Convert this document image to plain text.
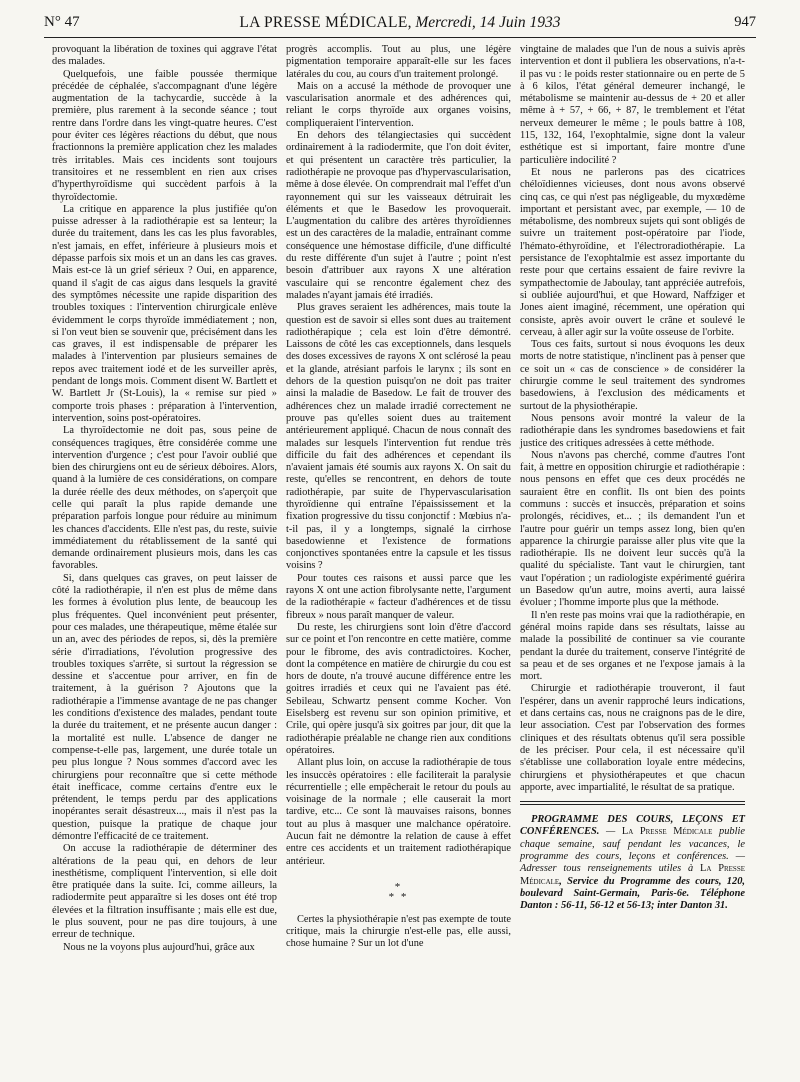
N° 47	LA PRESSE MÉDICALE, Mercredi, 14 Juin 1933	947

provoquant la libération de toxines qui aggrave l'état des malades.

Quelquefois, une faible poussée thermique précédée de céphalée, s'accompagnant d'une légère augmentation de la tachycardie, succède à la première, plus rarement à la seconde séance ; tout rentre dans l'ordre dans les vingt-quatre heures. C'est pour éviter ces légères réactions du début, que nous fractionnons la première application chez les malades très irritables. Mais ces incidents sont toujours transitoires et ne ressemblent en rien aux crises d'hyperthyroïdisme qui succèdent parfois à la thyroïdectomie.

La critique en apparence la plus justifiée qu'on puisse adresser à la radiothérapie est sa lenteur; la durée du traitement, dans les cas les plus favorables, n'est jamais, en effet, inférieure à plusieurs mois et dépasse parfois six mois et un an dans les cas graves. Mais est-ce là un grief sérieux ? Oui, en apparence, quand il s'agit de cas aigus dans lesquels la gravité des symptômes nécessite une rapide disparition des troubles toxiques : l'intervention chirurgicale enlève évidemment le corps thyroïde immédiatement ; non, si l'on veut bien se souvenir que, précisément dans les cas graves, il est indispensable de préparer les malades à l'intervention par plusieurs semaines de repos avec traitement iodé et de les surveiller après, pendant de longs mois. Comment disent W. Bartlett et W. Bartlett Jr (St-Louis), la « remise sur pied » comporte trois phases : préparation à l'intervention, intervention, soins post-opératoires.

La thyroïdectomie ne doit pas, sous peine de conséquences tragiques, être considérée comme une intervention d'urgence ; c'est pour l'avoir oublié que bien des chirurgiens ont eu de sérieux déboires. Alors, quand à la lumière de ces considérations, on compare la durée réelle des deux méthodes, on s'aperçoit que celle qui paraît la plus rapide demande une préparation parfois longue pour réduire au minimum les chances d'accidents. Elle n'est pas, du reste, suivie immédiatement du rétablissement de la santé qui demande ordinairement plusieurs mois, dans les cas favorables.

Si, dans quelques cas graves, on peut laisser de côté la radiothérapie, il n'en est plus de même dans les formes à évolution plus lente, de beaucoup les plus fréquentes. Quel inconvénient peut présenter, pour ces malades, une thérapeutique, même étalée sur un an, avec des périodes de repos, si, dès la première série d'irradiations, l'évolution progressive des troubles toxiques s'arrête, si surtout la régression se dessine et s'accentue pour arriver, en fin de traitement, à la guérison ? Ajoutons que la radiothérapie a l'immense avantage de ne pas changer les conditions d'existence des malades, pendant toute la durée du traitement, et ne présente aucun danger : la mortalité est nulle. L'absence de danger ne compense-t-elle pas, largement, une durée totale un peu plus longue ? Nous sommes d'accord avec les chirurgiens pour reconnaître que si cette méthode était inefficace, comme certains d'entre eux le prétendent, le temps perdu par des applications inopérantes serait désastreux..., mais il n'est pas la question, puisque la pratique de chaque jour démontre l'efficacité de ce traitement.

On accuse la radiothérapie de déterminer des altérations de la peau qui, en dehors de leur inesthétisme, compliquent l'intervention, si elle doit être pratiquée dans la suite. Ici, comme ailleurs, la radiodermite peut apparaître si les doses ont été trop élevées et la filtration insuffisante ; mais elle est due, le plus souvent, pour ne pas dire toujours, à une erreur de technique.

Nous ne la voyons plus aujourd'hui, grâce aux

progrès accomplis. Tout au plus, une légère pigmentation temporaire apparaît-elle sur les faces latérales du cou, au cours d'un traitement prolongé.

Mais on a accusé la méthode de provoquer une vascularisation anormale et des adhérences qui, reliant le corps thyroïde aux organes voisins, compliqueraient l'intervention.

En dehors des télangiectasies qui succèdent ordinairement à la radiodermite, que l'on doit éviter, et qui présentent un caractère très particulier, la radiothérapie ne provoque pas d'hypervascularisation, même à dose élevée. On comprendrait mal l'effet d'un rayonnement qui sur les vaisseaux détruirait les éléments et que le Basedow les provoquerait. L'augmentation du calibre des artères thyroïdiennes est un des caractères de la maladie, entraînant comme conséquence une hémostase difficile, d'une difficulté du reste différente d'un sujet à l'autre ; point n'est besoin d'attribuer aux rayons X une altération vasculaire qui se rencontre également chez des malades n'ayant jamais été irradiés.

Plus graves seraient les adhérences, mais toute la question est de savoir si elles sont dues au traitement radiothérapique ; cela est loin d'être démontré. Laissons de côté les cas exceptionnels, dans lesquels des doses excessives de rayons X ont sclérosé la peau et la glande, atrésiant parfois le larynx ; ils sont en dehors de la question puisqu'on ne doit pas traiter ainsi la maladie de Basedow. Le fait de trouver des adhérences chez un malade irradié correctement ne prouve pas qu'elles soient dues au traitement antérieurement appliqué. Chacun de nous connaît des malades sur lesquels l'intervention fut rendue très difficile du fait des adhérences et cependant ils n'avaient jamais été soumis aux rayons X. On sait du reste, qu'elles se rencontrent, en dehors de toute radiothérapie, par suite de l'hypervascularisation thyroïdienne qui entraîne l'épaississement et la fixation progressive du tissu conjonctif : Mœbius n'a-t-il pas, il y a longtemps, signalé la cirrhose basedowienne et l'existence de formations conjonctives spontanées entre la capsule et les tissus voisins ?

Pour toutes ces raisons et aussi parce que les rayons X ont une action fibrolysante nette, l'argument de la radiothérapie « facteur d'adhérences et de tissu fibreux » nous paraît manquer de valeur.

Du reste, les chirurgiens sont loin d'être d'accord sur ce point et l'on rencontre en cette matière, comme pour le fibrome, des avis contradictoires. Kocher, dont la compétence en matière de chirurgie du cou est hors de doute, n'a trouvé aucune différence entre les goitres irradiés et ceux qui ne l'avaient pas été. Sebileau, Schwartz pensent comme Kocher. Von Eiselsberg est revenu sur son opinion primitive, et Crile, qui opère jusqu'à six goitres par jour, dit que la radiothérapie préalable ne change rien aux conditions opératoires.

Allant plus loin, on accuse la radiothérapie de tous les insuccès opératoires : elle faciliterait la paralysie récurrentielle ; elle empêcherait le retour du pouls au voisinage de la normale ; elle causerait la mort tardive, etc... Ce sont là mauvaises raisons, bonnes tout au plus à masquer une malchance opératoire. Aucun fait ne démontre la relation de cause à effet entre ces accidents et un traitement radiothérapique antérieur.

*
* *

Certes la physiothérapie n'est pas exempte de toute critique, mais la chirurgie n'est-elle pas, elle aussi, chose humaine ? Sur un lot d'une

vingtaine de malades que l'un de nous a suivis après intervention et dont il publiera les observations, n'a-t-il pas vu : le poids rester stationnaire ou en perte de 5 à 6 kilos, l'état général demeurer inchangé, le métabolisme se maintenir au-dessus de + 20 et aller même à + 57, + 66, + 87, le tremblement et l'état nerveux demeurer le même ; le pouls battre à 108, 115, 132, 164, l'exophtalmie, signe dont la valeur esthétique est si important, faire montre d'une particulière indocilité ?

Et nous ne parlerons pas des cicatrices chéloïdiennes vicieuses, dont nous avons observé cinq cas, ce qui n'est pas négligeable, du myxœdème important et persistant avec, par exemple, — 10 de métabolisme, des nombreux sujets qui sont obligés de suivre un traitement post-opératoire par l'iode, l'hémato-éthyroïdine, et l'électroradiothérapie. La persistance de l'exophtalmie est assez importante du reste pour que certains essaient de faire revivre la sympathectomie de Jaboulay, tant appréciée autrefois, si oubliée aujourd'hui, et que Howard, Naffziger et Jones aient imaginé, récemment, une opération qui consiste, après avoir ouvert le crâne et soulevé le cerveau, à aller agir sur la voûte osseuse de l'orbite.

Tous ces faits, surtout si nous évoquons les deux morts de notre statistique, n'inclinent pas à penser que ce soit un « cas de conscience » de considérer la chirurgie comme le seul traitement des syndromes basedowiens, à l'exclusion des médicaments et surtout de la physiothérapie.

Nous pensons avoir montré la valeur de la radiothérapie dans les syndromes basedowiens et fait justice des critiques adressées à cette méthode.

Nous n'avons pas cherché, comme d'autres l'ont fait, à mettre en opposition chirurgie et radiothérapie : nous pensons en effet que ces deux procédés ne sauraient être en conflit. Ils ont bien des points communs : succès et insuccès, préparation et soins prolongés, récidives, et... ; ils demandent l'un et l'autre pour guérir un temps assez long, bien qu'en apparence la chirurgie paraisse aller plus vite que la radiothérapie. Ils ne doivent leur succès qu'à la qualité du spécialiste. Tant vaut le chirurgien, tant vaut l'opération ; un radiologiste expérimenté guérira un Basedow qu'un autre, moins averti, aura laissé évoluer ; l'homme importe plus que la méthode.

Il n'en reste pas moins vrai que la radiothérapie, en général moins rapide dans ses résultats, laisse au malade la possibilité de continuer sa vie courante pendant la durée du traitement, conserve l'intégrité de sa peau et de ses organes et ne l'expose jamais à la mort.

Chirurgie et radiothérapie trouveront, il faut l'espérer, dans un avenir rapproché leurs indications, et dans certains cas, nous ne craignons pas de le dire, leur association. C'est par l'observation des formes cliniques et des résultats obtenus qu'il sera possible de les préciser. Pour cela, il est nécessaire qu'il s'établisse une collaboration loyale entre médecins, chirurgiens et physiothérapeutes et que chacun apporte, avec impartialité, le résultat de sa pratique.

PROGRAMME DES COURS, LEÇONS ET CONFÉRENCES. — La Presse Médicale publie chaque semaine, sauf pendant les vacances, le programme des cours, leçons et conférences. — Adresser tous renseignements utiles à La Presse Médicale, Service du Programme des cours, 120, boulevard Saint-Germain, Paris-6e. Téléphone Danton : 56-11, 56-12 et 56-13; inter Danton 31.
